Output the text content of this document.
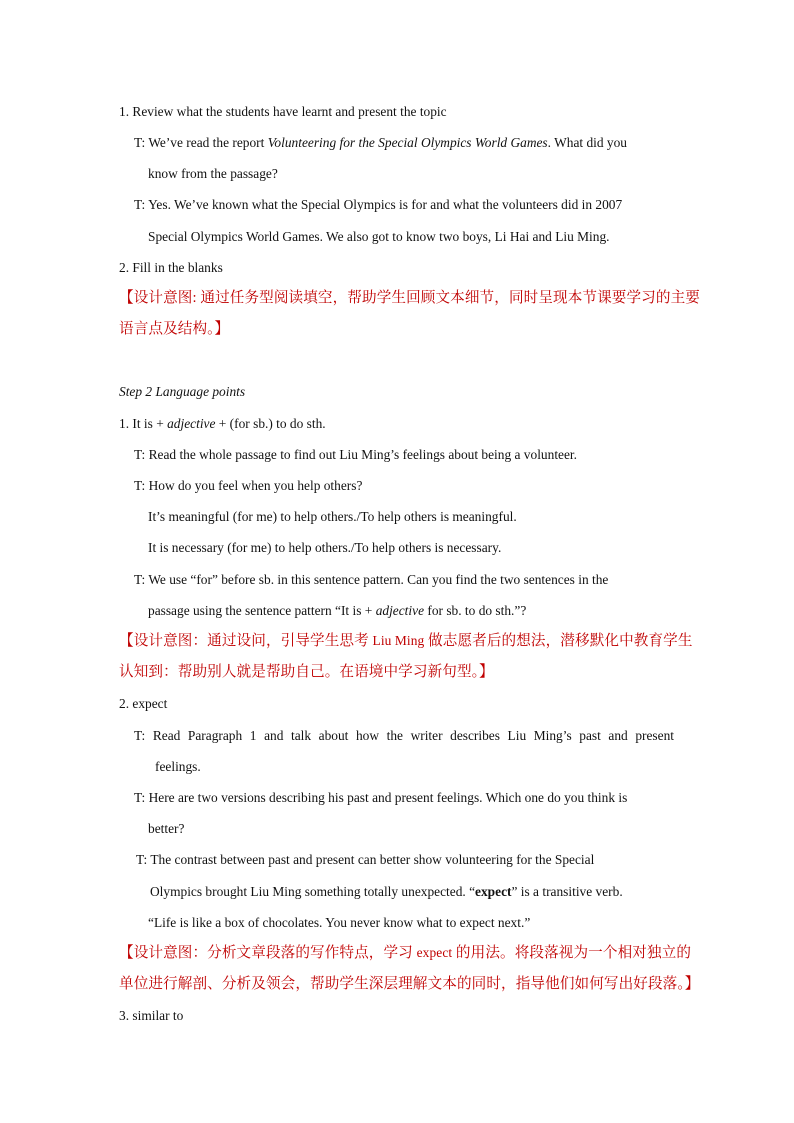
1. Review what the students have learnt and present the topic
T: We’ve read the report Volunteering for the Special Olympics World Games. What did you
know from the passage?
T: Yes. We’ve known what the Special Olympics is for and what the volunteers did in 2007
Special Olympics World Games. We also got to know two boys, Li Hai and Liu Ming.
2. Fill in the blanks
【设计意图: 通过任务型阅读填空，帮助学生回顾文本细节，同时呈现本节课要学习的主要
语言点及结构。】
Step 2 Language points
1. It is + adjective + (for sb.) to do sth.
T: Read the whole passage to find out Liu Ming’s feelings about being a volunteer.
T: How do you feel when you help others?
It’s meaningful (for me) to help others./To help others is meaningful.
It is necessary (for me) to help others./To help others is necessary.
T: We use “for” before sb. in this sentence pattern. Can you find the two sentences in the
passage using the sentence pattern “It is + adjective for sb. to do sth.”?
【设计意图：通过设问，引导学生思考 Liu Ming 做志愿者后的想法，潜移默化中教育学生
认知到：帮助别人就是帮助自己。在语境中学习新句型。】
2. expect
T: Read Paragraph 1 and talk about how the writer describes Liu Ming’s past and present
feelings.
T: Here are two versions describing his past and present feelings. Which one do you think is
better?
T: The contrast between past and present can better show volunteering for the Special
Olympics brought Liu Ming something totally unexpected. “expect” is a transitive verb.
“Life is like a box of chocolates. You never know what to expect next.”
【设计意图：分析文章段落的写作特点，学习 expect 的用法。将段落视为一个相对独立的
单位进行解剖、分析及领会，帮助学生深层理解文本的同时，指导他们如何写出好段落。】
3. similar to
